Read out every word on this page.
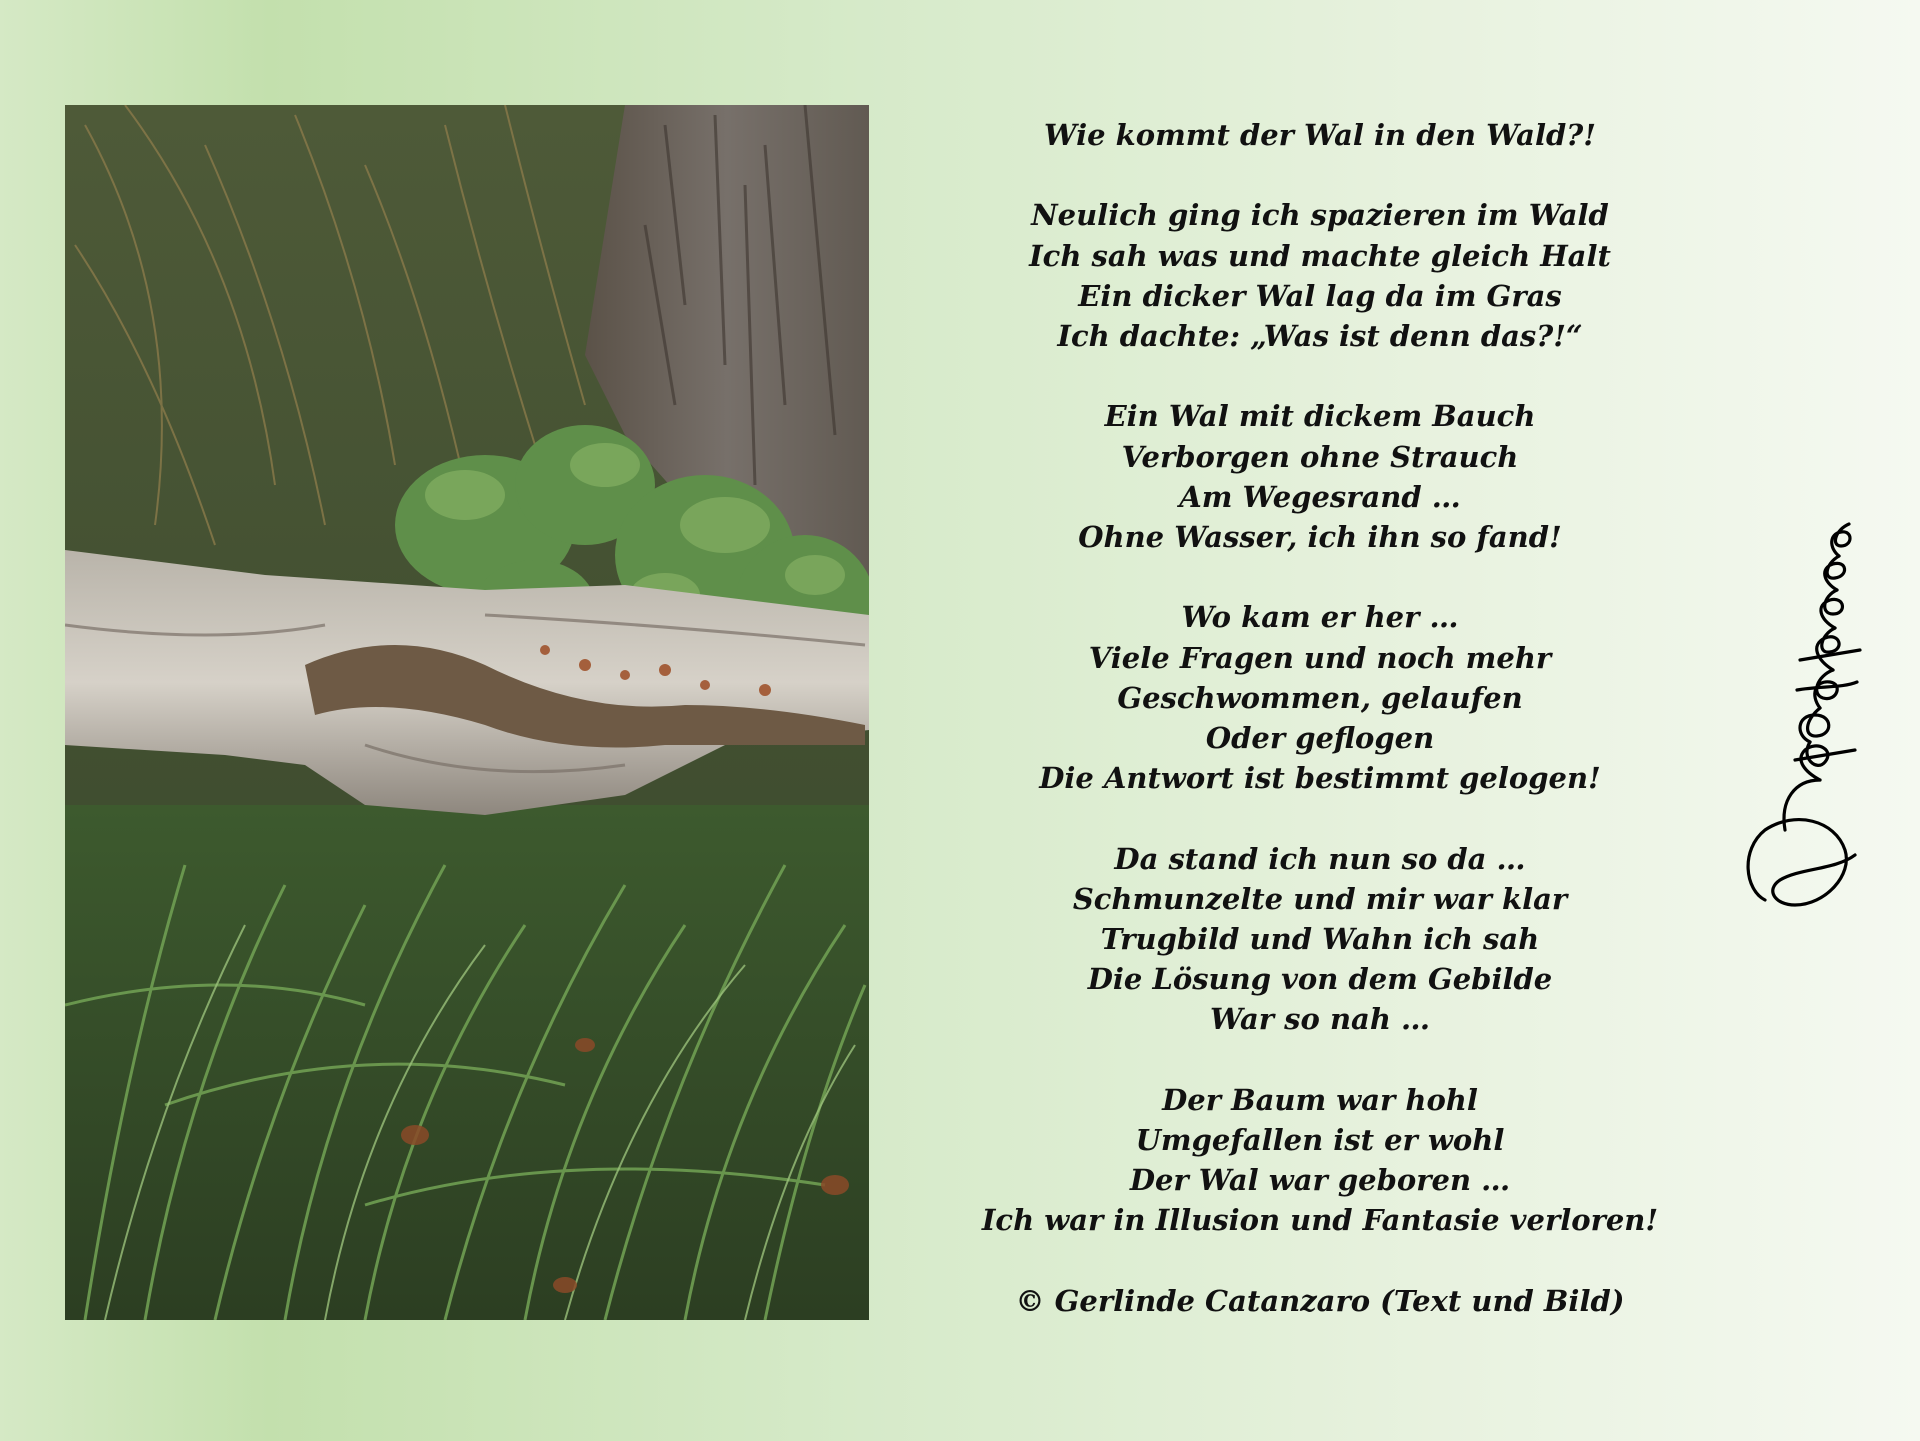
Wie kommt der Wal in den Wald?!
Neulich ging ich spazieren im Wald
Ich sah was und machte gleich Halt
Ein dicker Wal lag da im Gras
Ich dachte: „Was ist denn das?!“
Ein Wal mit dickem Bauch
Verborgen ohne Strauch
Am Wegesrand …
Ohne Wasser, ich ihn so fand!
Wo kam er her …
Viele Fragen und noch mehr
Geschwommen, gelaufen
Oder geflogen
Die Antwort ist bestimmt gelogen!
Da stand ich nun so da …
Schmunzelte und mir war klar
Trugbild und Wahn ich sah
Die Lösung von dem Gebilde
War so nah …
Der Baum war hohl
Umgefallen ist er wohl
Der Wal war geboren …
Ich war in Illusion und Fantasie verloren!
© Gerlinde Catanzaro (Text und Bild)
